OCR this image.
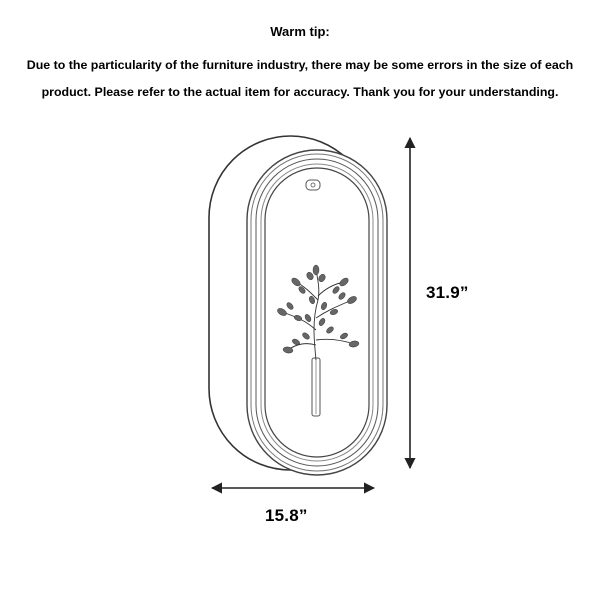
Warm tip:
Due to the particularity of the furniture industry, there may be some errors in the size of each product. Please refer to the actual item for accuracy. Thank you for your understanding.
31.9”
15.8”
